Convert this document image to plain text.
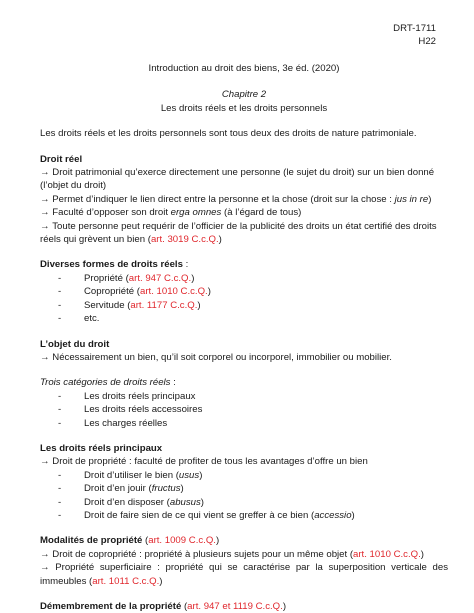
DRT-1711
H22
Introduction au droit des biens, 3e éd. (2020)
Chapitre 2
Les droits réels et les droits personnels

Les droits réels et les droits personnels sont tous deux des droits de nature patrimoniale.

Droit réel
→ Droit patrimonial qu’exerce directement une personne (le sujet du droit) sur un bien donné (l’objet du droit)
→ Permet d’indiquer le lien direct entre la personne et la chose (droit sur la chose : jus in re)
→ Faculté d’opposer son droit erga omnes (à l’égard de tous)
→ Toute personne peut requérir de l’officier de la publicité des droits un état certifié des droits réels qui grèvent un bien (art. 3019 C.c.Q.)
Diverses formes de droits réels :
- Propriété (art. 947 C.c.Q.)
- Copropriété (art. 1010 C.c.Q.)
- Servitude (art. 1177 C.c.Q.)
- etc.
L’objet du droit
→ Nécessairement un bien, qu’il soit corporel ou incorporel, immobilier ou mobilier.
Trois catégories de droits réels :
- Les droits réels principaux
- Les droits réels accessoires
- Les charges réelles
Les droits réels principaux
→ Droit de propriété : faculté de profiter de tous les avantages d’offre un bien
- Droit d’utiliser le bien (usus)
- Droit d’en jouir (fructus)
- Droit d’en disposer (abusus)
- Droit de faire sien de ce qui vient se greffer à ce bien (accessio)
Modalités de propriété (art. 1009 C.c.Q.)
→ Droit de copropriété : propriété à plusieurs sujets pour un même objet (art. 1010 C.c.Q.)
→ Propriété superficiaire : propriété qui se caractérise par la superposition verticale des immeubles (art. 1011 C.c.Q.)
Démembrement de la propriété (art. 947 et 1119 C.c.Q.)
